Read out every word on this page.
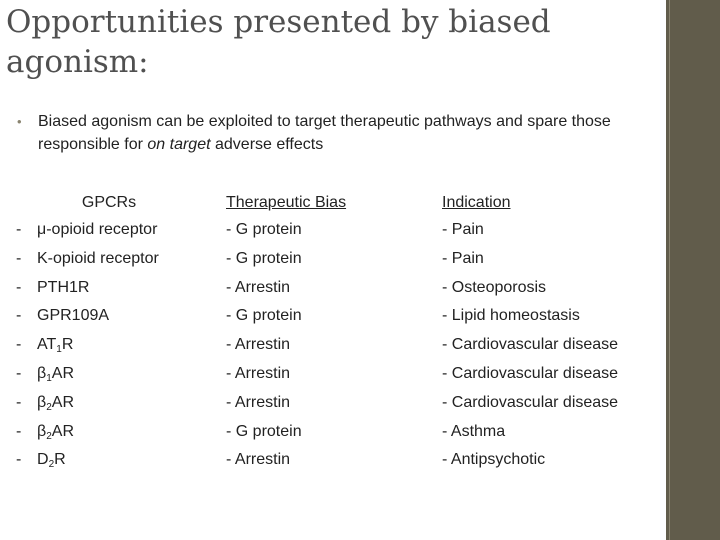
Opportunities presented by biased agonism:
•	Biased agonism can be exploited to target therapeutic pathways and spare those responsible for on target adverse effects
GPCRs
- μ-opioid receptor
- Κ-opioid receptor
- PTH1R
- GPR109A
- $AT_1R$
- $\beta_1AR$
- $\beta_2AR$
- $\beta_2AR$
- $D_2R$
Therapeutic Bias
- G protein
- G protein
- Arrestin
- G protein
- Arrestin
- Arrestin
- Arrestin
- G protein
- Arrestin
Indication
- Pain
- Pain
- Osteoporosis
- Lipid homeostasis
- Cardiovascular disease
- Cardiovascular disease
- Cardiovascular disease
- Asthma
- Antipsychotic
